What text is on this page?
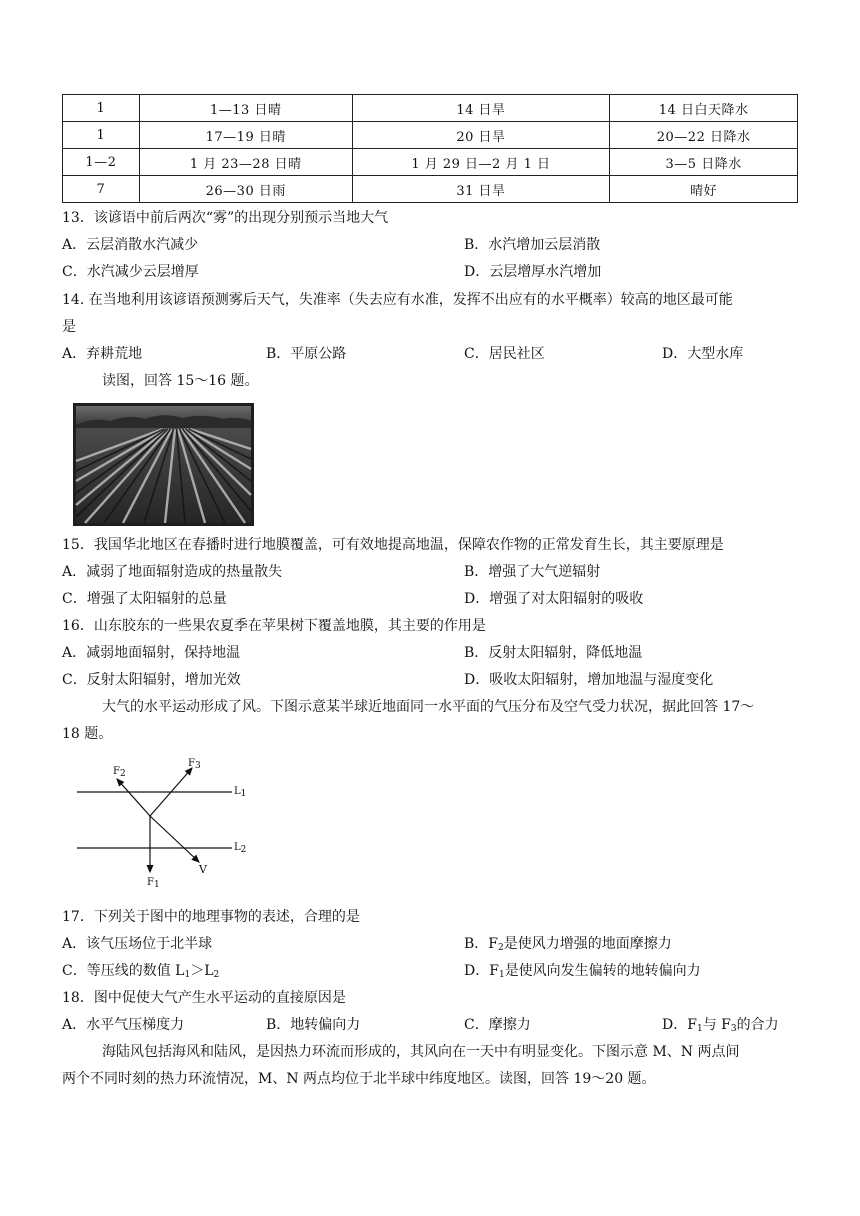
1	1—13 日晴	14 日旱	14 日白天降水
1	17—19 日晴	20 日旱	20—22 日降水
1—2	1 月 23—28 日晴	1 月 29 日—2 月 1 日	3—5 日降水
7	26—30 日雨	31 日旱	晴好
13．该谚语中前后两次“雾”的出现分别预示当地大气
A．云层消散水汽减少	B．水汽增加云层消散
C．水汽减少云层增厚	D．云层增厚水汽增加
14. 在当地利用该谚语预测雾后天气，失准率（失去应有水准，发挥不出应有的水平概率）较高的地区最可能
是
A．弃耕荒地	B．平原公路	C．居民社区	D．大型水库
读图，回答 15～16 题。
15．我国华北地区在春播时进行地膜覆盖，可有效地提高地温，保障农作物的正常发育生长，其主要原理是
A．减弱了地面辐射造成的热量散失	B．增强了大气逆辐射
C．增强了太阳辐射的总量	D．增强了对太阳辐射的吸收
16．山东胶东的一些果农夏季在苹果树下覆盖地膜，其主要的作用是
A．减弱地面辐射，保持地温	B．反射太阳辐射，降低地温
C．反射太阳辐射，增加光效	D．吸收太阳辐射，增加地温与湿度变化
大气的水平运动形成了风。下图示意某半球近地面同一水平面的气压分布及空气受力状况，据此回答 17～
18 题。
$F_2$
$F_3$
$L_1$
$L_2$
V
$F_1$
17．下列关于图中的地理事物的表述，合理的是
A．该气压场位于北半球	B．$F_2$是使风力增强的地面摩擦力
C．等压线的数值 $L_1>L_2$	D．$F_1$是使风向发生偏转的地转偏向力
18．图中促使大气产生水平运动的直接原因是
A．水平气压梯度力	B．地转偏向力	C．摩擦力	D．$F_1$与 $F_3$的合力
海陆风包括海风和陆风，是因热力环流而形成的，其风向在一天中有明显变化。下图示意 M、N 两点间
两个不同时刻的热力环流情况，M、N 两点均位于北半球中纬度地区。读图，回答 19～20 题。
